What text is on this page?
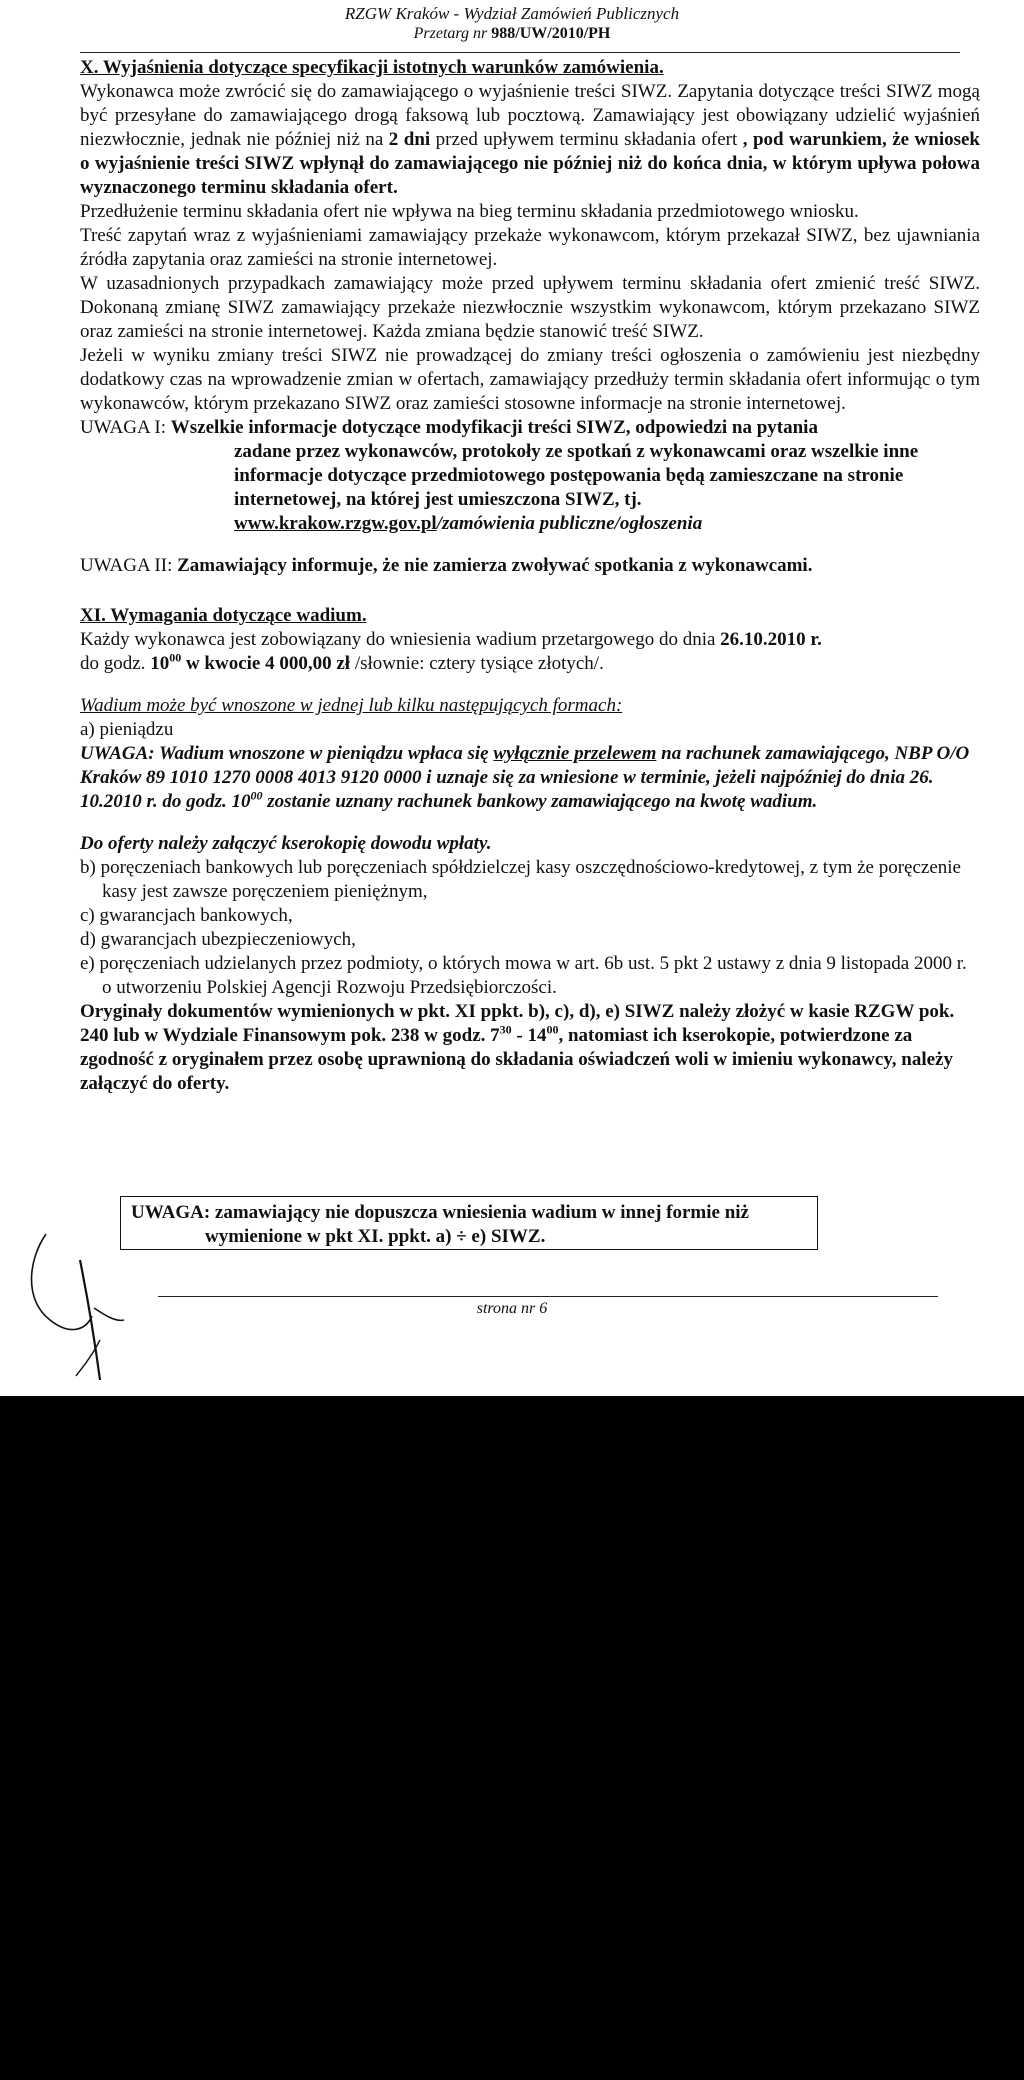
RZGW Kraków - Wydział Zamówień Publicznych
Przetarg nr 988/UW/2010/PH

X. Wyjaśnienia dotyczące specyfikacji istotnych warunków zamówienia.

Wykonawca może zwrócić się do zamawiającego o wyjaśnienie treści SIWZ. Zapytania dotyczące treści SIWZ mogą być przesyłane do zamawiającego drogą faksową lub pocztową. Zamawiający jest obowiązany udzielić wyjaśnień niezwłocznie, jednak nie później niż na 2 dni przed upływem terminu składania ofert , pod warunkiem, że wniosek o wyjaśnienie treści SIWZ wpłynął do zamawiającego nie później niż do końca dnia, w którym upływa połowa wyznaczonego terminu składania ofert.

Przedłużenie terminu składania ofert nie wpływa na bieg terminu składania przedmiotowego wniosku.

Treść zapytań wraz z wyjaśnieniami zamawiający przekaże wykonawcom, którym przekazał SIWZ, bez ujawniania źródła zapytania oraz zamieści na stronie internetowej.

W uzasadnionych przypadkach zamawiający może przed upływem terminu składania ofert zmienić treść SIWZ. Dokonaną zmianę SIWZ zamawiający przekaże niezwłocznie wszystkim wykonawcom, którym przekazano SIWZ oraz zamieści na stronie internetowej. Każda zmiana będzie stanowić treść SIWZ.

Jeżeli w wyniku zmiany treści SIWZ nie prowadzącej do zmiany treści ogłoszenia o zamówieniu jest niezbędny dodatkowy czas na wprowadzenie zmian w ofertach, zamawiający przedłuży termin składania ofert informując o tym wykonawców, którym przekazano SIWZ oraz zamieści stosowne informacje na stronie internetowej.

UWAGA I: Wszelkie informacje dotyczące modyfikacji treści SIWZ, odpowiedzi na pytania

zadane przez wykonawców, protokoły ze spotkań z wykonawcami oraz wszelkie inne informacje dotyczące przedmiotowego postępowania będą zamieszczane na stronie internetowej, na której jest umieszczona SIWZ, tj.

www.krakow.rzgw.gov.pl/zamówienia publiczne/ogłoszenia

UWAGA II: Zamawiający informuje, że nie zamierza zwoływać spotkania z wykonawcami.

XI. Wymagania dotyczące wadium.

Każdy wykonawca jest zobowiązany do wniesienia wadium przetargowego do dnia 26.10.2010 r.
do godz. $10^{00}$ w kwocie 4 000,00 zł /słownie: cztery tysiące złotych/.

Wadium może być wnoszone w jednej lub kilku następujących formach:

a) pieniądzu

UWAGA: Wadium wnoszone w pieniądzu wpłaca się wyłącznie przelewem na rachunek zamawiającego, NBP O/O Kraków 89 1010 1270 0008 4013 9120 0000 i uznaje się za wniesione w terminie, jeżeli najpóźniej do dnia 26. 10.2010 r. do godz. $10^{00}$ zostanie uznany rachunek bankowy zamawiającego na kwotę wadium.

Do oferty należy załączyć kserokopię dowodu wpłaty.

b) poręczeniach bankowych lub poręczeniach spółdzielczej kasy oszczędnościowo-kredytowej, z tym że poręczenie kasy jest zawsze poręczeniem pieniężnym,

c) gwarancjach bankowych,

d) gwarancjach ubezpieczeniowych,

e) poręczeniach udzielanych przez podmioty, o których mowa w art. 6b ust. 5 pkt 2 ustawy z dnia 9 listopada 2000 r. o utworzeniu Polskiej Agencji Rozwoju Przedsiębiorczości.

Oryginały dokumentów wymienionych w pkt. XI ppkt. b), c), d), e) SIWZ należy złożyć w kasie RZGW pok. 240 lub w Wydziale Finansowym pok. 238 w godz. $7^{30} - 14^{00}$, natomiast ich kserokopie, potwierdzone za zgodność z oryginałem przez osobę uprawnioną do składania oświadczeń woli w imieniu wykonawcy, należy załączyć do oferty.

UWAGA: zamawiający nie dopuszcza wniesienia wadium w innej formie niż
wymienione w pkt XI. ppkt. a) ÷ e) SIWZ.
strona nr 6
